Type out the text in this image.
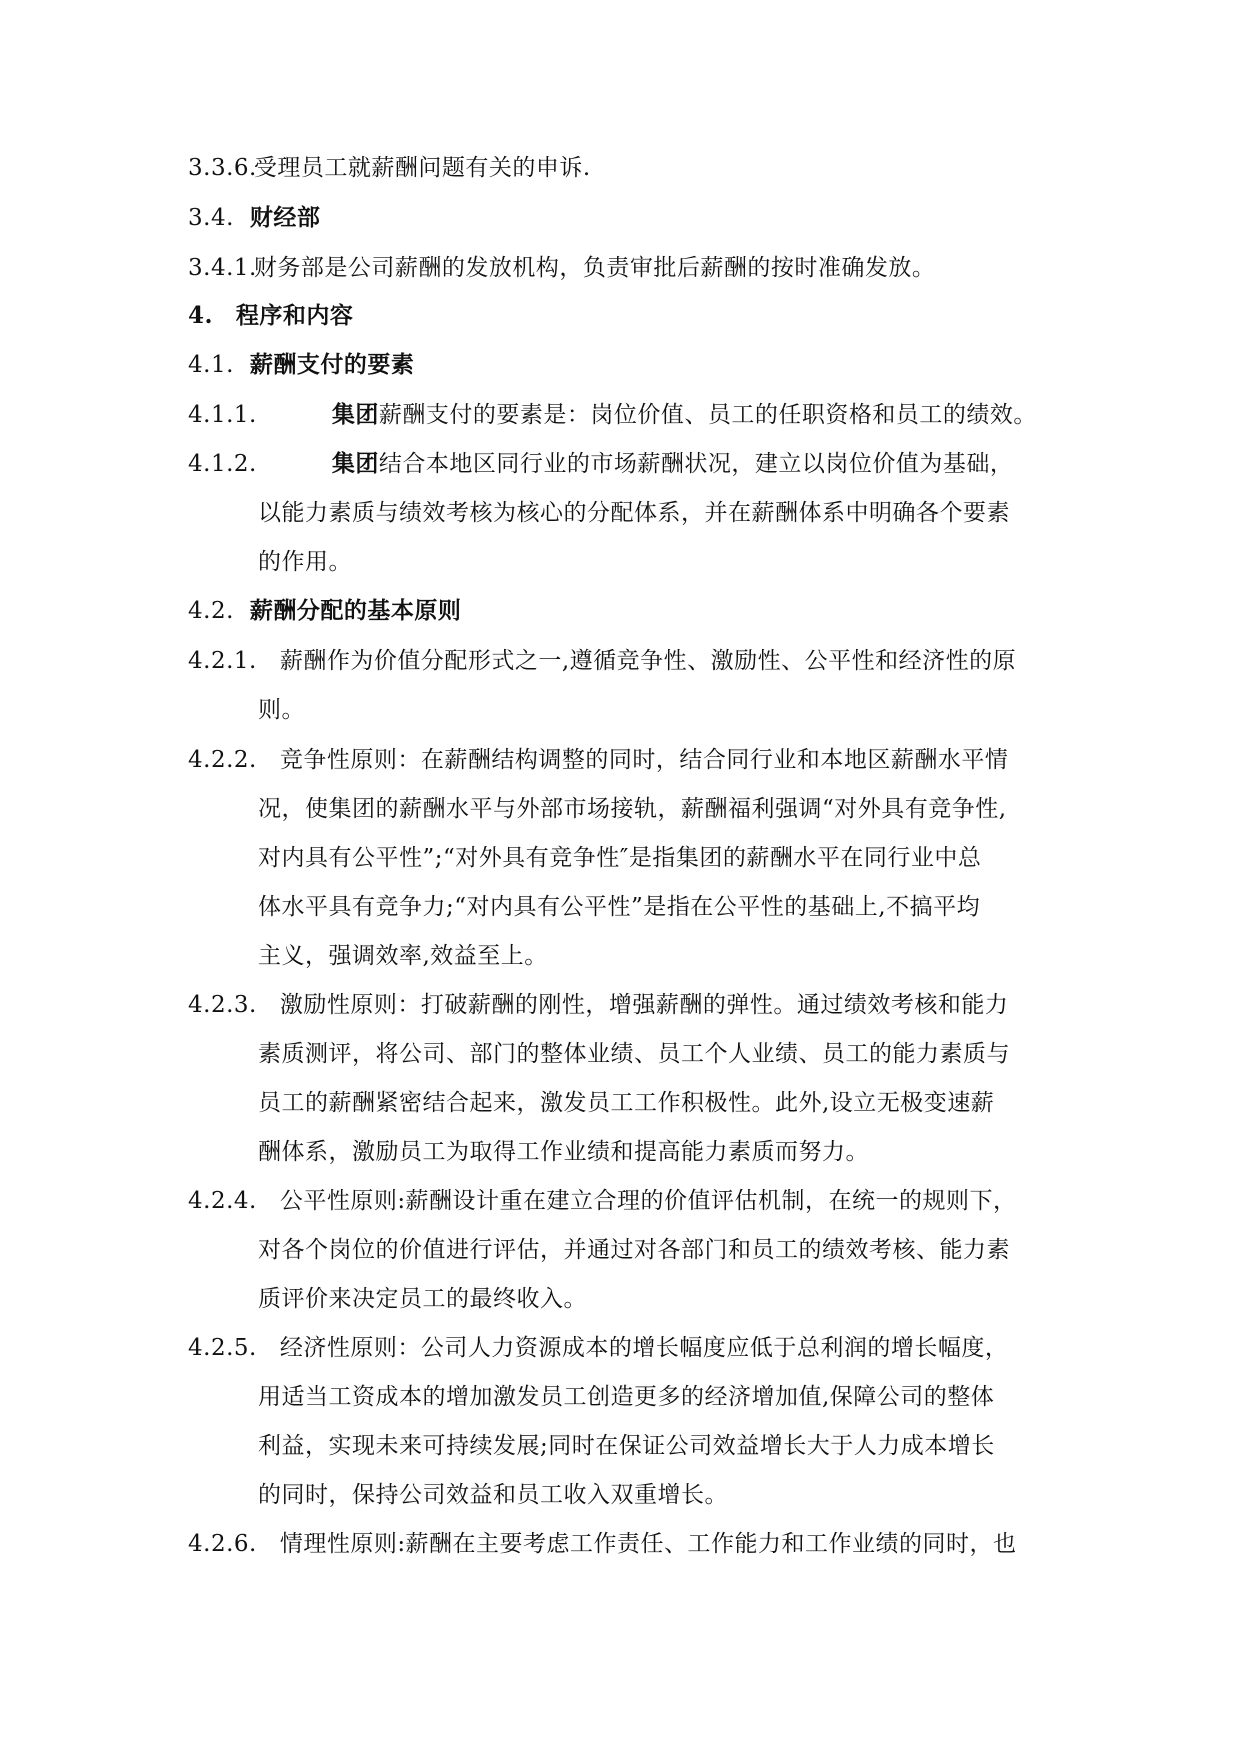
3.3.6. 受理员工就薪酬问题有关的申诉.
3.4. 财经部
3.4.1. 财务部是公司薪酬的发放机构，负责审批后薪酬的按时准确发放。
4. 程序和内容
4.1. 薪酬支付的要素
4.1.1.	集团薪酬支付的要素是：岗位价值、员工的任职资格和员工的绩效。
4.1.2.	集团结合本地区同行业的市场薪酬状况，建立以岗位价值为基础，
以能力素质与绩效考核为核心的分配体系，并在薪酬体系中明确各个要素
的作用。
4.2. 薪酬分配的基本原则
4.2.1. 薪酬作为价值分配形式之一,遵循竞争性、激励性、公平性和经济性的原
则。
4.2.2. 竞争性原则：在薪酬结构调整的同时，结合同行业和本地区薪酬水平情
况，使集团的薪酬水平与外部市场接轨，薪酬福利强调“对外具有竞争性,
对内具有公平性”;“对外具有竞争性″是指集团的薪酬水平在同行业中总
体水平具有竞争力;“对内具有公平性”是指在公平性的基础上,不搞平均
主义，强调效率,效益至上。
4.2.3. 激励性原则：打破薪酬的刚性，增强薪酬的弹性。通过绩效考核和能力
素质测评，将公司、部门的整体业绩、员工个人业绩、员工的能力素质与
员工的薪酬紧密结合起来，激发员工工作积极性。此外,设立无极变速薪
酬体系，激励员工为取得工作业绩和提高能力素质而努力。
4.2.4. 公平性原则:薪酬设计重在建立合理的价值评估机制，在统一的规则下，
对各个岗位的价值进行评估，并通过对各部门和员工的绩效考核、能力素
质评价来决定员工的最终收入。
4.2.5. 经济性原则：公司人力资源成本的增长幅度应低于总利润的增长幅度，
用适当工资成本的增加激发员工创造更多的经济增加值,保障公司的整体
利益，实现未来可持续发展;同时在保证公司效益增长大于人力成本增长
的同时，保持公司效益和员工收入双重增长。
4.2.6. 情理性原则:薪酬在主要考虑工作责任、工作能力和工作业绩的同时，也
